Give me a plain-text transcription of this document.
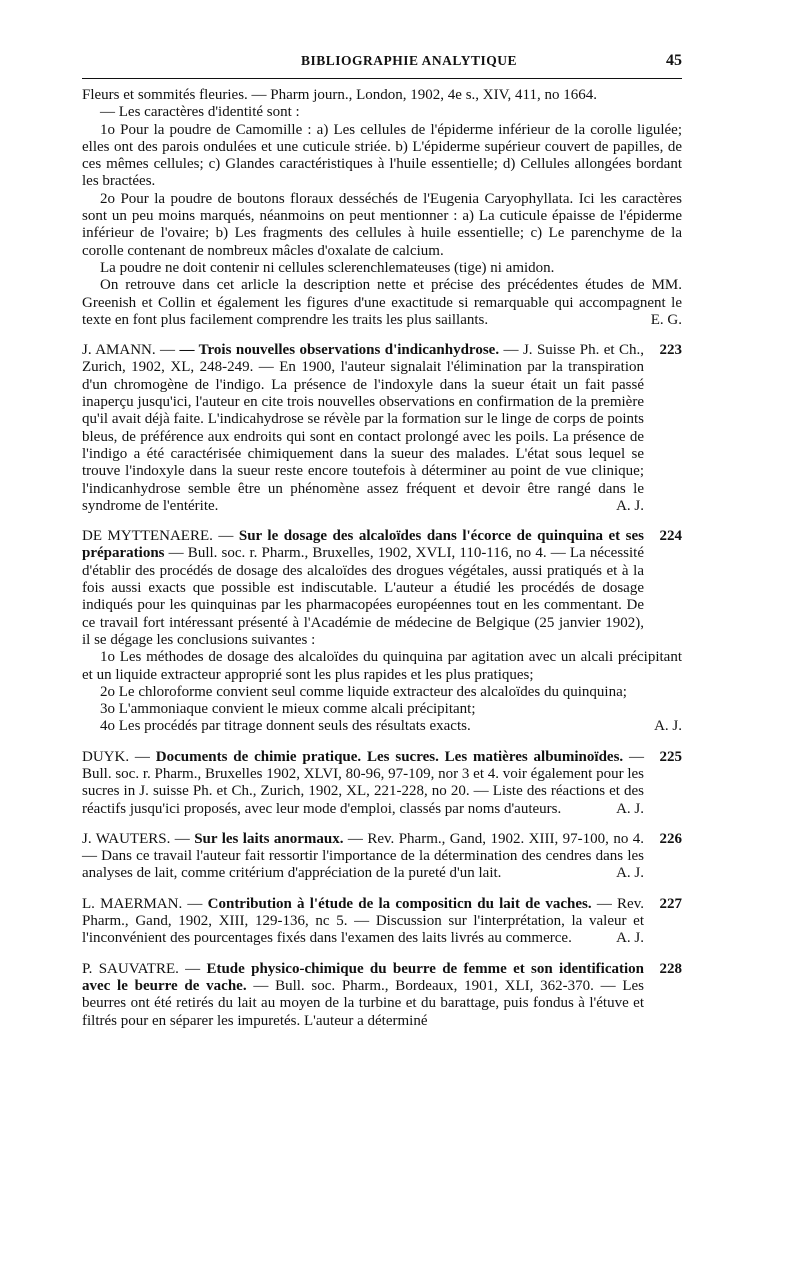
BIBLIOGRAPHIE ANALYTIQUE	45

Fleurs et sommités fleuries. — Pharm journ., London, 1902, 4e s., XIV, 411, no 1664.

— Les caractères d'identité sont :

1o Pour la poudre de Camomille : a) Les cellules de l'épiderme inférieur de la corolle ligulée; elles ont des parois ondulées et une cuticule striée. b) L'épiderme supérieur couvert de papilles, de ces mêmes cellules; c) Glandes caractéristiques à l'huile essentielle; d) Cellules allongées bordant les bractées.

2o Pour la poudre de boutons floraux desséchés de l'Eugenia Caryophyllata. Ici les caractères sont un peu moins marqués, néanmoins on peut mentionner : a) La cuticule épaisse de l'épiderme inférieur de l'ovaire; b) Les fragments des cellules à huile essentielle; c) Le parenchyme de la corolle contenant de nombreux mâcles d'oxalate de calcium.

La poudre ne doit contenir ni cellules sclerenchlemateuses (tige) ni amidon.

On retrouve dans cet arlicle la description nette et précise des précédentes études de MM. Greenish et Collin et également les figures d'une exactitude si remarquable qui accompagnent le texte en font plus facilement comprendre les traits les plus saillants.	E. G.

J. AMANN. — — Trois nouvelles observations d'indicanhydrose. — J. Suisse Ph. et Ch., Zurich, 1902, XL, 248-249. — En 1900, l'auteur signalait l'élimination par la transpiration d'un chromogène de l'indigo. La présence de l'indoxyle dans la sueur était un fait passé inaperçu jusqu'ici, l'auteur en cite trois nouvelles observations en confirmation de la première qu'il avait déjà faite. L'indicahydrose se révèle par la formation sur le linge de corps de points bleus, de préférence aux endroits qui sont en contact prolongé avec les poils. La présence de l'indigo a été caractérisée chimiquement dans la sueur des malades. L'état sous lequel se trouve l'indoxyle dans la sueur reste encore toutefois à déterminer au point de vue clinique; l'indicanhydrose semble être un phénomène assez fréquent et devoir être rangé dans le syndrome de l'entérite.
223
A. J.

DE MYTTENAERE. — Sur le dosage des alcaloïdes dans l'écorce de quinquina et ses préparations — Bull. soc. r. Pharm., Bruxelles, 1902, XVLI, 110-116, no 4. — La nécessité d'établir des procédés de dosage des alcaloïdes des drogues végétales, aussi pratiqués et à la fois aussi exacts que possible est indiscutable. L'auteur a étudié les procédés de dosage indiqués pour les quinquinas par les pharmacopées européennes tout en les commentant. De ce travail fort intéressant présenté à l'Académie de médecine de Belgique (25 janvier 1902), il se dégage les conclusions suivantes :
224

1o Les méthodes de dosage des alcaloïdes du quinquina par agitation avec un alcali précipitant et un liquide extracteur approprié sont les plus rapides et les plus pratiques;

2o Le chloroforme convient seul comme liquide extracteur des alcaloïdes du quinquina;

3o L'ammoniaque convient le mieux comme alcali précipitant;

4o Les procédés par titrage donnent seuls des résultats exacts.	A. J.

DUYK. — Documents de chimie pratique. Les sucres. Les matières albuminoïdes. — Bull. soc. r. Pharm., Bruxelles 1902, XLVI, 80-96, 97-109, nor 3 et 4. voir également pour les sucres in J. suisse Ph. et Ch., Zurich, 1902, XL, 221-228, no 20. — Liste des réactions et des réactifs jusqu'ici proposés, avec leur mode d'emploi, classés par noms d'auteurs.
225
A. J.

J. WAUTERS. — Sur les laits anormaux. — Rev. Pharm., Gand, 1902. XIII, 97-100, no 4. — Dans ce travail l'auteur fait ressortir l'importance de la détermination des cendres dans les analyses de lait, comme critérium d'appréciation de la pureté d'un lait.
226
A. J.

L. MAERMAN. — Contribution à l'étude de la compositicn du lait de vaches. — Rev. Pharm., Gand, 1902, XIII, 129-136, nc 5. — Discussion sur l'interprétation, la valeur et l'inconvénient des pourcentages fixés dans l'examen des laits livrés au commerce.
227
A. J.

P. SAUVATRE. — Etude physico-chimique du beurre de femme et son identification avec le beurre de vache. — Bull. soc. Pharm., Bordeaux, 1901, XLI, 362-370. — Les beurres ont été retirés du lait au moyen de la turbine et du barattage, puis fondus à l'étuve et filtrés pour en séparer les impuretés. L'auteur a déterminé
228
